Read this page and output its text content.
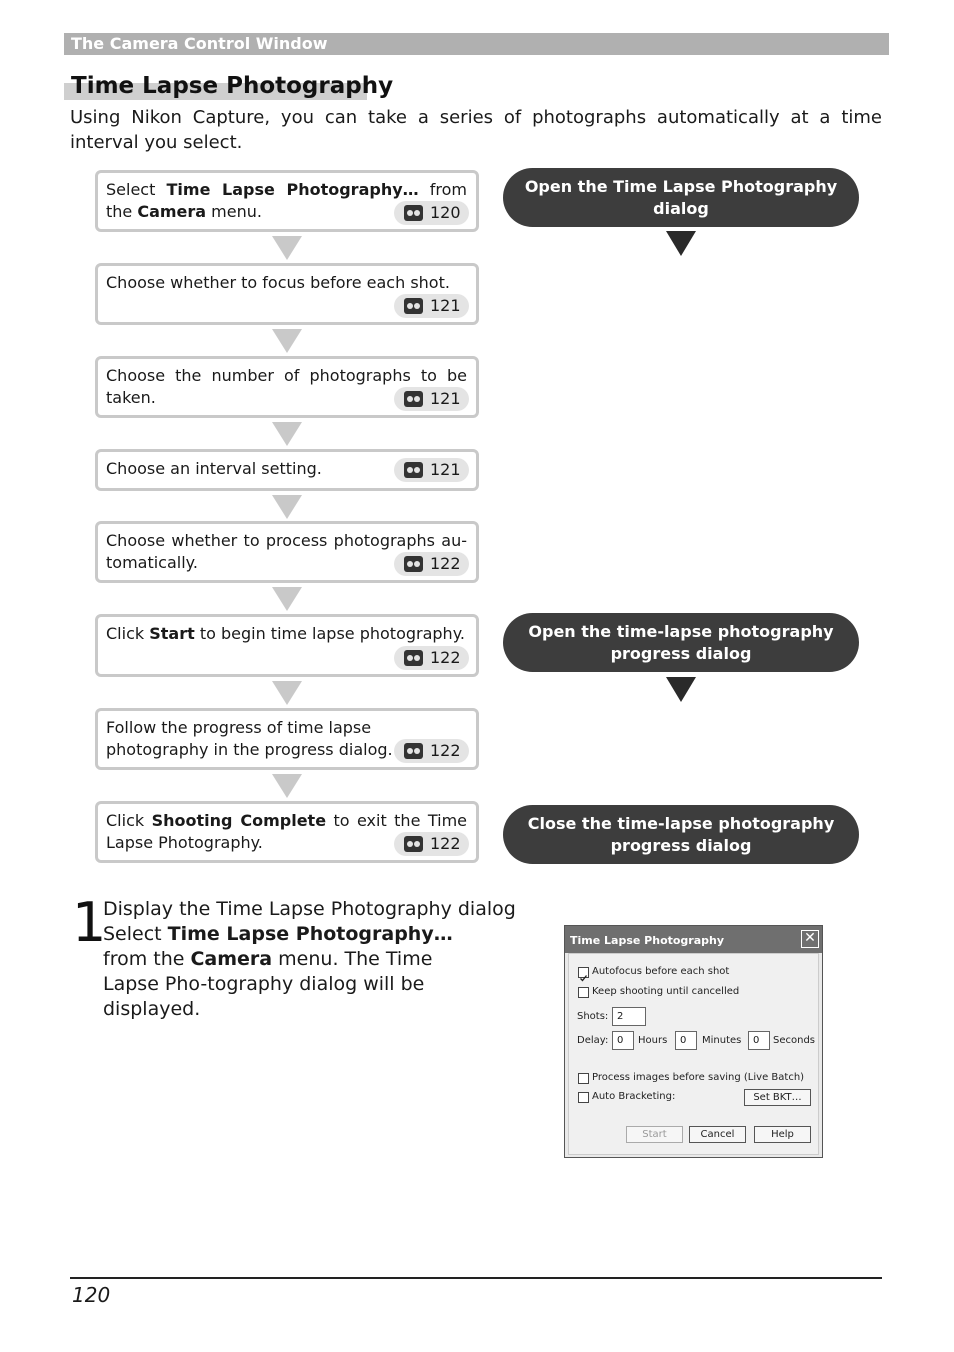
The Camera Control Window
Time Lapse Photography
Using Nikon Capture, you can take a series of photographs automatically at a time interval you select.
Select Time Lapse Photography… from the Camera menu.	120
Choose whether to focus before each shot.
121
Choose the number of photographs to be taken.	121
Choose an interval setting.	121
Choose whether to process photographs au-tomatically.	122
Click Start to begin time lapse photography.
122
Follow the progress of time lapse photography in the progress dialog.	122
Click Shooting Complete to exit the Time Lapse Photography.	122
Open the Time Lapse Photography dialog
Open the time-lapse photography
progress dialog
Close the time-lapse photography
progress dialog
1
Display the Time Lapse Photography dialog
Select Time Lapse Photography… from the Camera menu. The Time Lapse Pho-tography dialog will be displayed.
Time Lapse Photography	✕
Autofocus before each shot
Keep shooting until cancelled
Shots: 2
Delay: 0	Hours	0	Minutes	0	Seconds
Process images before saving (Live Batch)
Auto Bracketing:	Set BKT…
Start	Cancel	Help
120
